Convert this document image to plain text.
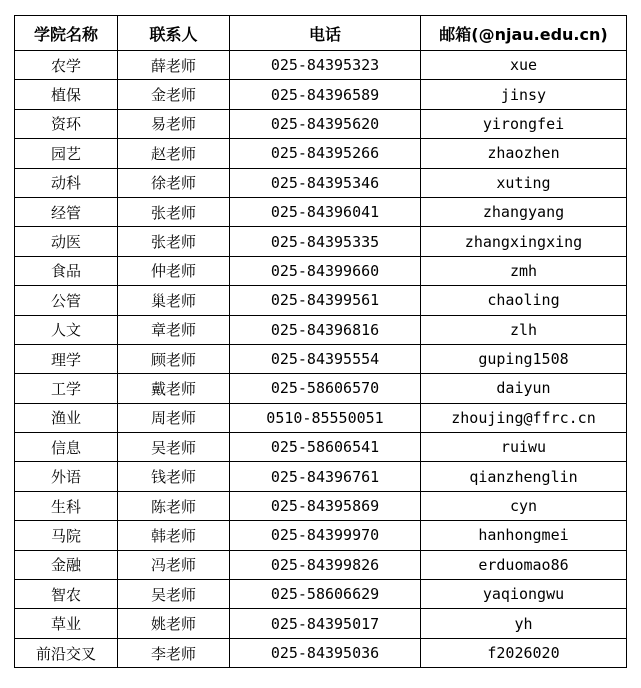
学院名称	联系人	电话	邮箱(@njau.edu.cn)
农学	薛老师	025-84395323	xue
植保	金老师	025-84396589	jinsy
资环	易老师	025-84395620	yirongfei
园艺	赵老师	025-84395266	zhaozhen
动科	徐老师	025-84395346	xuting
经管	张老师	025-84396041	zhangyang
动医	张老师	025-84395335	zhangxingxing
食品	仲老师	025-84399660	zmh
公管	巢老师	025-84399561	chaoling
人文	章老师	025-84396816	zlh
理学	顾老师	025-84395554	guping1508
工学	戴老师	025-58606570	daiyun
渔业	周老师	0510-85550051	zhoujing@ffrc.cn
信息	吴老师	025-58606541	ruiwu
外语	钱老师	025-84396761	qianzhenglin
生科	陈老师	025-84395869	cyn
马院	韩老师	025-84399970	hanhongmei
金融	冯老师	025-84399826	erduomao86
智农	吴老师	025-58606629	yaqiongwu
草业	姚老师	025-84395017	yh
前沿交叉	李老师	025-84395036	f2026020
